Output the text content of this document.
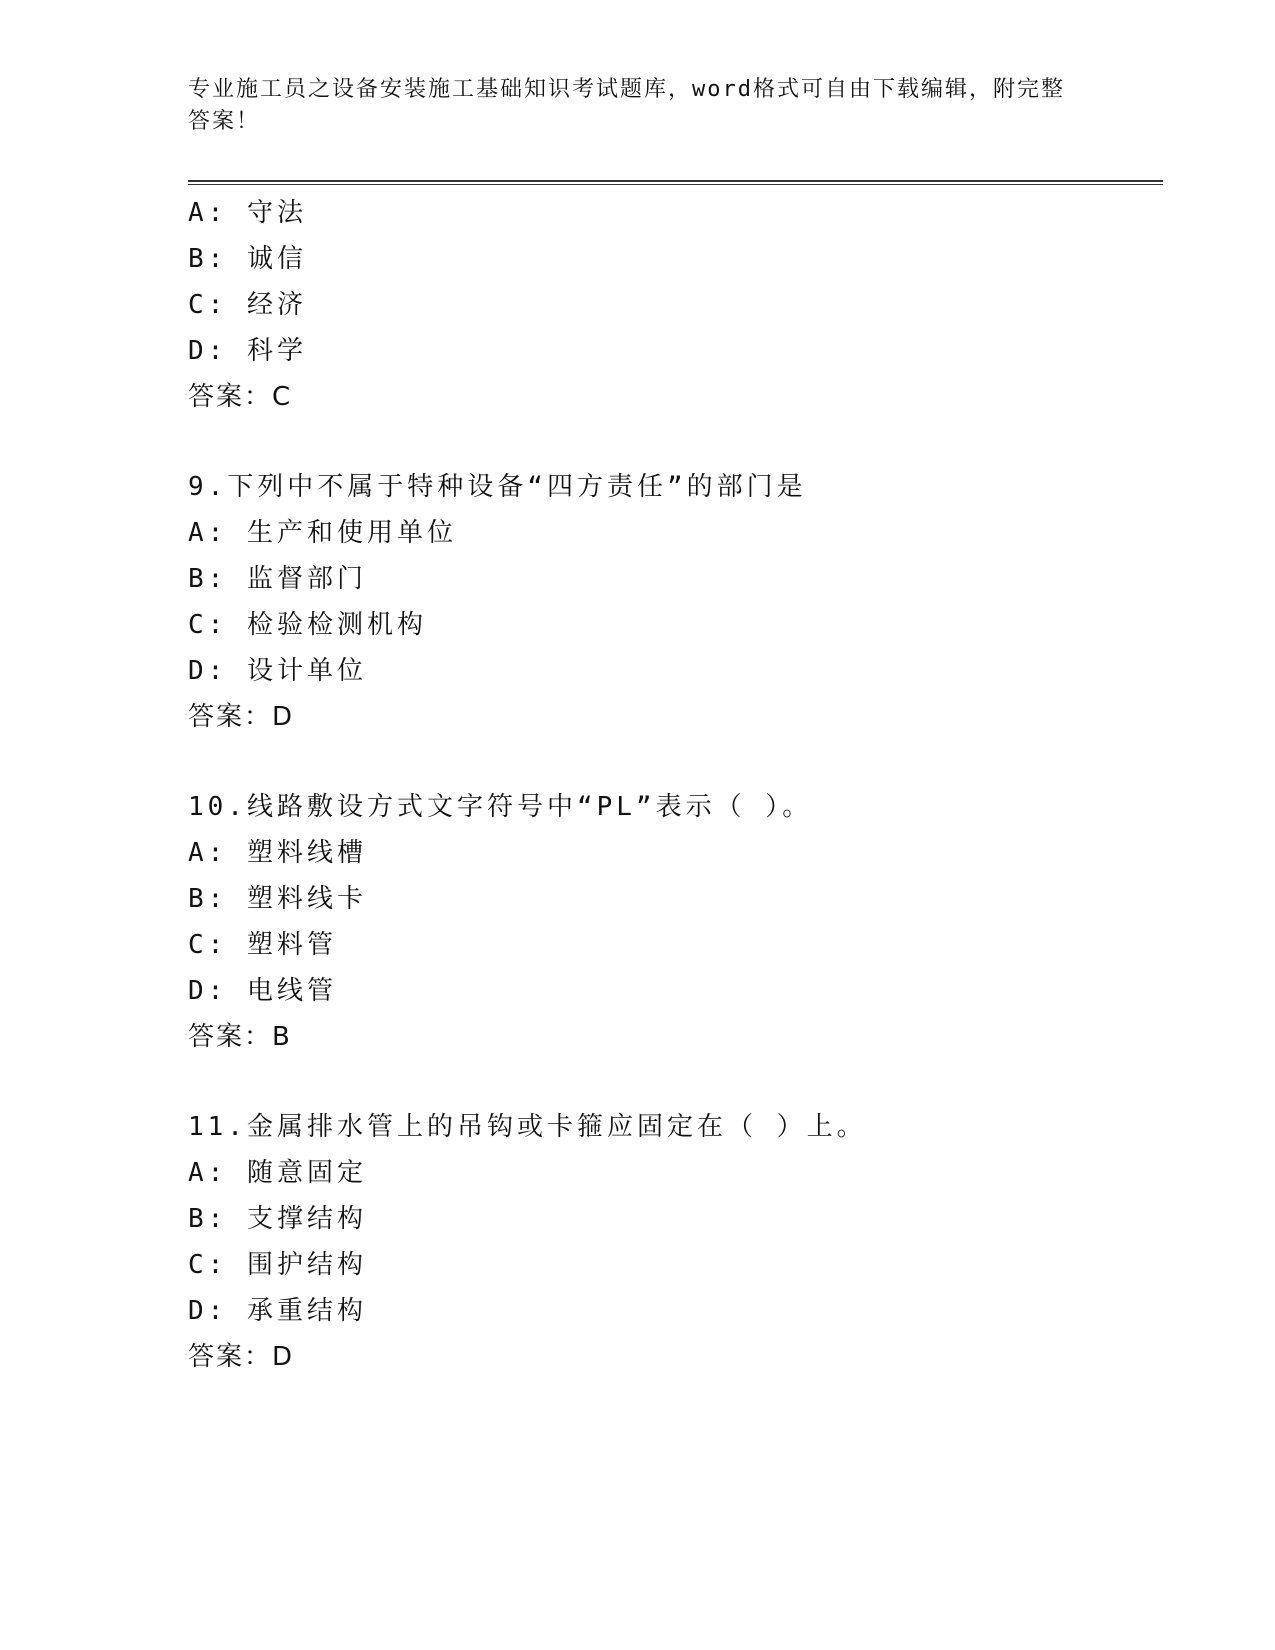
专业施工员之设备安装施工基础知识考试题库，word格式可自由下载编辑，附完整答案！
A: 守法
B: 诚信
C: 经济
D: 科学
答案：C
9.下列中不属于特种设备“四方责任”的部门是
A: 生产和使用单位
B: 监督部门
C: 检验检测机构
D: 设计单位
答案：D
10.线路敷设方式文字符号中“PL”表示（ ）。
A: 塑料线槽
B: 塑料线卡
C: 塑料管
D: 电线管
答案：B
11.金属排水管上的吊钩或卡箍应固定在（ ）上。
A: 随意固定
B: 支撑结构
C: 围护结构
D: 承重结构
答案：D
